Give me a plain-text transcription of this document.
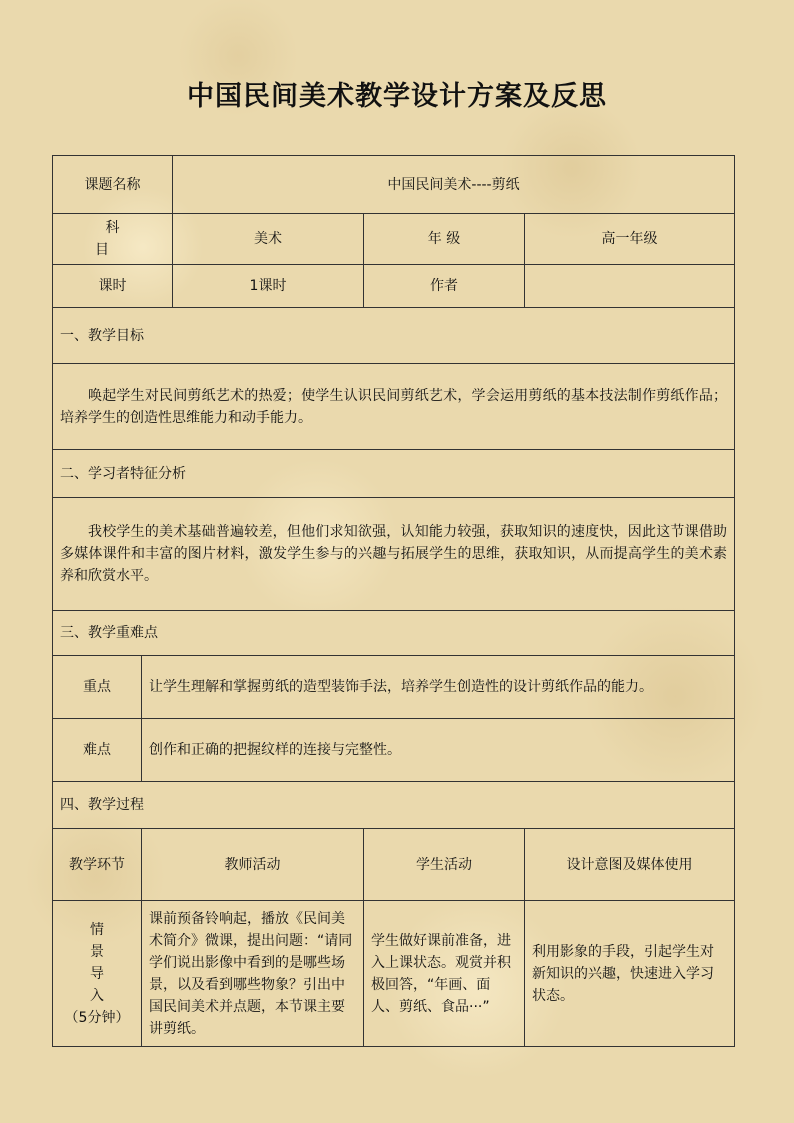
中国民间美术教学设计方案及反思
课题名称		中国民间美术----剪纸		
科 目		美术	年 级	高一年级
课时		1课时	作者	
一、教学目标				

唤起学生对民间剪纸艺术的热爱；使学生认识民间剪纸艺术，学会运用剪纸的基本技法制作剪纸作品；培养学生的创造性思维能力和动手能力。				

二、学习者特征分析				

我校学生的美术基础普遍较差，但他们求知欲强，认知能力较强，获取知识的速度快，因此这节课借助多媒体课件和丰富的图片材料，激发学生参与的兴趣与拓展学生的思维，获取知识，从而提高学生的美术素养和欣赏水平。				

三、教学重难点				
重点	让学生理解和掌握剪纸的造型装饰手法，培养学生创造性的设计剪纸作品的能力。			
难点	创作和正确的把握纹样的连接与完整性。			
四、教学过程				
教学环节	教师活动		学生活动	设计意图及媒体使用

情
景
导
入
（5分钟）	课前预备铃响起，播放《民间美术简介》微课，提出问题：“请同学们说出影像中看到的是哪些场景，以及看到哪些物象？引出中国民间美术并点题，本节课主要讲剪纸。		学生做好课前准备，进入上课状态。观赏并积极回答，“年画、面人、剪纸、食品···”	利用影象的手段，引起学生对新知识的兴趣，快速进入学习状态。
